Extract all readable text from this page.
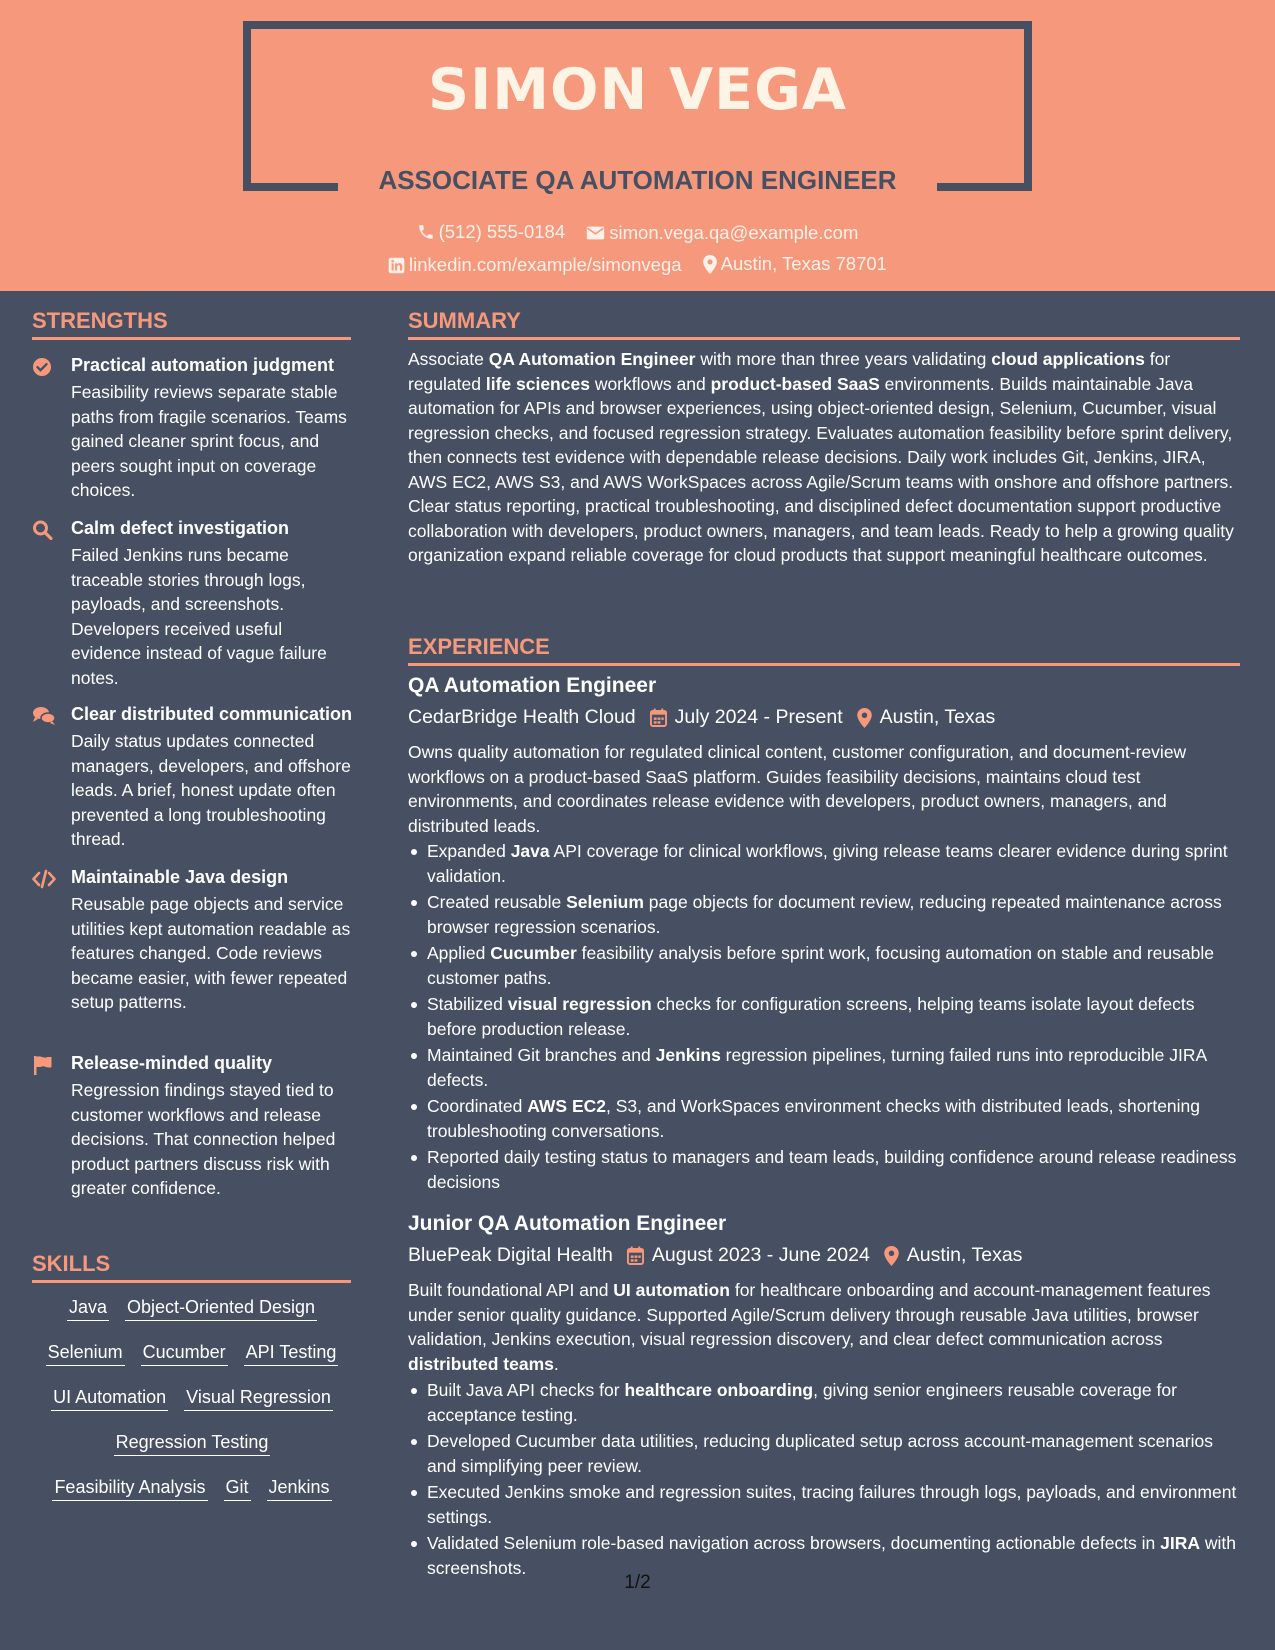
SIMON VEGA
ASSOCIATE QA AUTOMATION ENGINEER
(512) 555-0184
simon.vega.qa@example.com
linkedin.com/example/simonvega
Austin, Texas 78701
STRENGTHS
Practical automation judgment
Feasibility reviews separate stable paths from fragile scenarios. Teams gained cleaner sprint focus, and peers sought input on coverage choices.
Calm defect investigation
Failed Jenkins runs became traceable stories through logs, payloads, and screenshots. Developers received useful evidence instead of vague failure notes.
Clear distributed communication
Daily status updates connected managers, developers, and offshore leads. A brief, honest update often prevented a long troubleshooting thread.
Maintainable Java design
Reusable page objects and service utilities kept automation readable as features changed. Code reviews became easier, with fewer repeated setup patterns.
Release-minded quality
Regression findings stayed tied to customer workflows and release decisions. That connection helped product partners discuss risk with greater confidence.
SKILLS
Java Object-Oriented Design
Selenium Cucumber API Testing
UI Automation Visual Regression
Regression Testing
Feasibility Analysis Git Jenkins
SUMMARY
Associate QA Automation Engineer with more than three years validating cloud applications for regulated life sciences workflows and product-based SaaS environments. Builds maintainable Java automation for APIs and browser experiences, using object-oriented design, Selenium, Cucumber, visual regression checks, and focused regression strategy. Evaluates automation feasibility before sprint delivery, then connects test evidence with dependable release decisions. Daily work includes Git, Jenkins, JIRA, AWS EC2, AWS S3, and AWS WorkSpaces across Agile/Scrum teams with onshore and offshore partners. Clear status reporting, practical troubleshooting, and disciplined defect documentation support productive collaboration with developers, product owners, managers, and team leads. Ready to help a growing quality organization expand reliable coverage for cloud products that support meaningful healthcare outcomes.
EXPERIENCE
QA Automation Engineer
CedarBridge Health Cloud July 2024 - Present Austin, Texas
Owns quality automation for regulated clinical content, customer configuration, and document-review workflows on a product-based SaaS platform. Guides feasibility decisions, maintains cloud test environments, and coordinates release evidence with developers, product owners, managers, and distributed leads.
Expanded Java API coverage for clinical workflows, giving release teams clearer evidence during sprint validation.
Created reusable Selenium page objects for document review, reducing repeated maintenance across browser regression scenarios.
Applied Cucumber feasibility analysis before sprint work, focusing automation on stable and reusable customer paths.
Stabilized visual regression checks for configuration screens, helping teams isolate layout defects before production release.
Maintained Git branches and Jenkins regression pipelines, turning failed runs into reproducible JIRA defects.
Coordinated AWS EC2, S3, and WorkSpaces environment checks with distributed leads, shortening troubleshooting conversations.
Reported daily testing status to managers and team leads, building confidence around release readiness decisions
Junior QA Automation Engineer
BluePeak Digital Health August 2023 - June 2024 Austin, Texas
Built foundational API and UI automation for healthcare onboarding and account-management features under senior quality guidance. Supported Agile/Scrum delivery through reusable Java utilities, browser validation, Jenkins execution, visual regression discovery, and clear defect communication across distributed teams.
Built Java API checks for healthcare onboarding, giving senior engineers reusable coverage for acceptance testing.
Developed Cucumber data utilities, reducing duplicated setup across account-management scenarios and simplifying peer review.
Executed Jenkins smoke and regression suites, tracing failures through logs, payloads, and environment settings.
Validated Selenium role-based navigation across browsers, documenting actionable defects in JIRA with screenshots.
1/2
